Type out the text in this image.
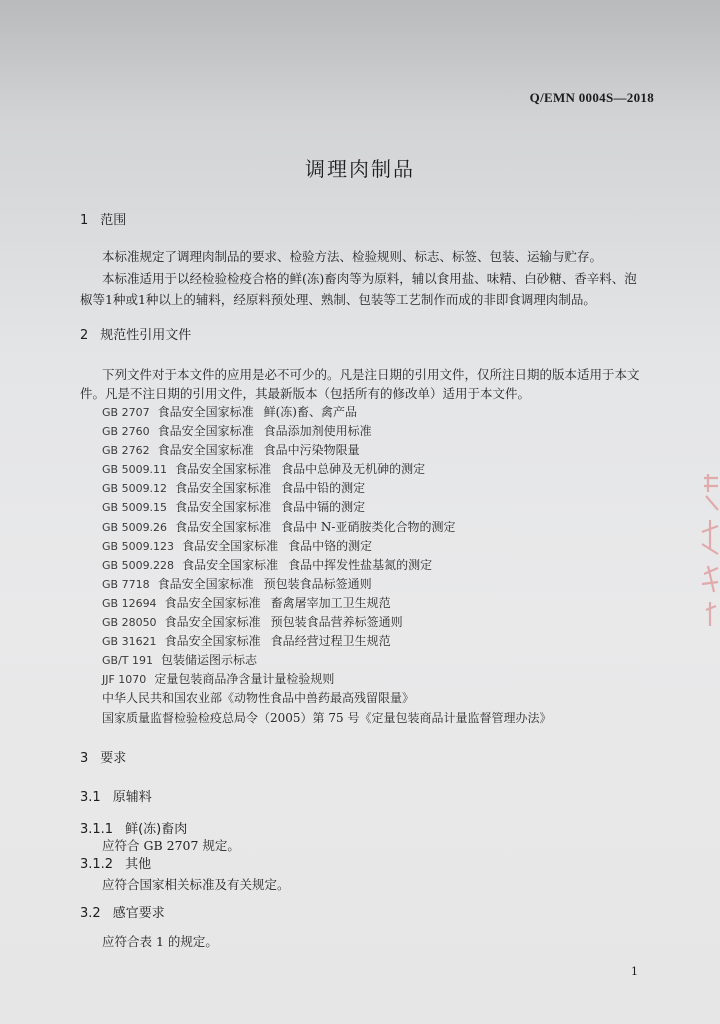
Q/EMN 0004S—2018
调理肉制品
1 范围
本标准规定了调理肉制品的要求、检验方法、检验规则、标志、标签、包装、运输与贮存。
本标准适用于以经检验检疫合格的鲜(冻)畜肉等为原料，辅以食用盐、味精、白砂糖、香辛料、泡
椒等1种或1种以上的辅料，经原料预处理、熟制、包装等工艺制作而成的非即食调理肉制品。
2 规范性引用文件
下列文件对于本文件的应用是必不可少的。凡是注日期的引用文件，仅所注日期的版本适用于本文
件。凡是不注日期的引用文件，其最新版本（包括所有的修改单）适用于本文件。
GB 2707 食品安全国家标准 鲜(冻)畜、禽产品
GB 2760 食品安全国家标准 食品添加剂使用标准
GB 2762 食品安全国家标准 食品中污染物限量
GB 5009.11 食品安全国家标准 食品中总砷及无机砷的测定
GB 5009.12 食品安全国家标准 食品中铅的测定
GB 5009.15 食品安全国家标准 食品中镉的测定
GB 5009.26 食品安全国家标准 食品中 N-亚硝胺类化合物的测定
GB 5009.123 食品安全国家标准 食品中铬的测定
GB 5009.228 食品安全国家标准 食品中挥发性盐基氮的测定
GB 7718 食品安全国家标准 预包装食品标签通则
GB 12694 食品安全国家标准 畜禽屠宰加工卫生规范
GB 28050 食品安全国家标准 预包装食品营养标签通则
GB 31621 食品安全国家标准 食品经营过程卫生规范
GB/T 191 包装储运图示标志
JJF 1070 定量包装商品净含量计量检验规则
中华人民共和国农业部《动物性食品中兽药最高残留限量》
国家质量监督检验检疫总局令（2005）第 75 号《定量包装商品计量监督管理办法》
3 要求
3.1 原辅料
3.1.1 鲜(冻)畜肉
应符合 GB 2707 规定。
3.1.2 其他
应符合国家相关标准及有关规定。
3.2 感官要求
应符合表 1 的规定。
1
